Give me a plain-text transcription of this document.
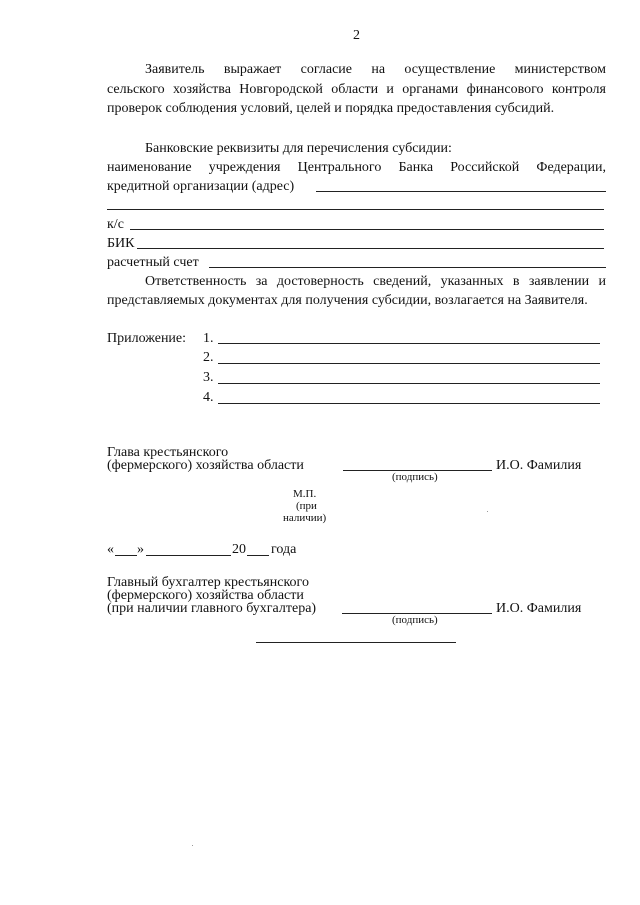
2
Заявитель выражает согласие на осуществление министерством
сельского хозяйства Новгородской области и органами финансового контроля
проверок соблюдения условий, целей и порядка предоставления субсидий.
Банковские реквизиты для перечисления субсидии:
наименование учреждения Центрального Банка Российской Федерации,
кредитной организации (адрес)
к/с
БИК
расчетный счет
Ответственность за достоверность сведений, указанных в заявлении и
представляемых документах для получения субсидии, возлагается на Заявителя.
Приложение: 1.
2.
3.
4.
Глава крестьянского
(фермерского) хозяйства области	И.О. Фамилия
(подпись)
М.П.
(при
наличии)
« »	20 года
Главный бухгалтер крестьянского
(фермерского) хозяйства области
(при наличии главного бухгалтера)	И.О. Фамилия
(подпись)
